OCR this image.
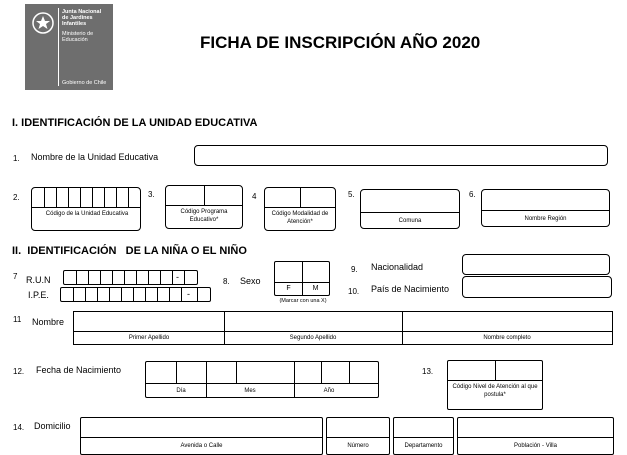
Junta Nacional
de Jardines
Infantiles
Ministerio de
Educación
Gobierno de Chile
FICHA DE INSCRIPCIÓN AÑO 2020
I. IDENTIFICACIÓN DE LA UNIDAD EDUCATIVA
1. Nombre de la Unidad Educativa
2.
Código de la Unidad Educativa
3.
Código Programa Educativo*
4
Código Modalidad de Atención*
5.
Comuna
6.
Nombre Región
II.  IDENTIFICACIÓN   DE LA NIÑA O EL NIÑO
7 R.U.N
I.P.E.
-
-
8. Sexo
F	M
(Marcar con una X)
9. Nacionalidad
10. País de Nacimiento
11 Nombre
Primer Apellido	Segundo Apellido	Nombre completo
12. Fecha de Nacimiento
Día	Mes	Año
13.
Código Nivel de Atención al que postula*
14. Domicilio
Avenida o Calle	Número	Departamento	Población - Villa
